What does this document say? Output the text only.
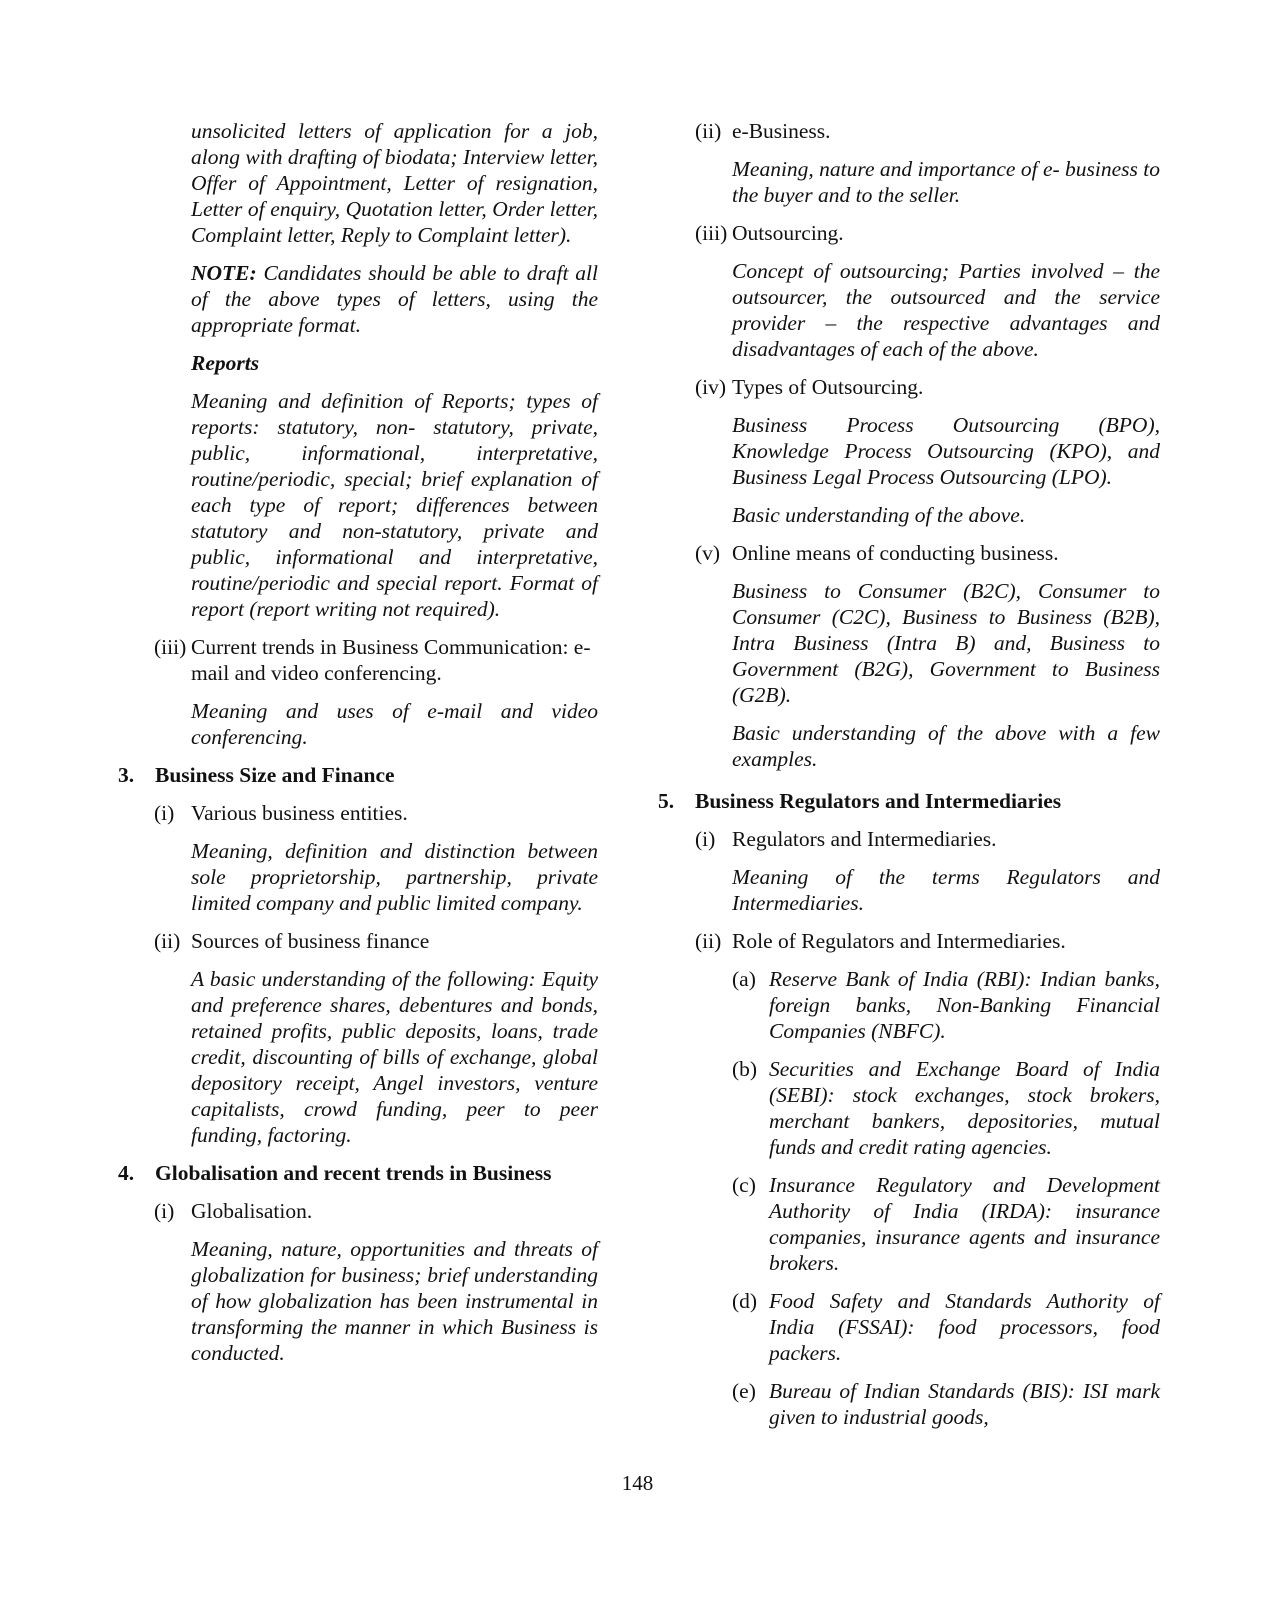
unsolicited letters of application for a job, along with drafting of biodata; Interview letter, Offer of Appointment, Letter of resignation, Letter of enquiry, Quotation letter, Order letter, Complaint letter, Reply to Complaint letter).

NOTE: Candidates should be able to draft all of the above types of letters, using the appropriate format.

Reports

Meaning and definition of Reports; types of reports: statutory, non- statutory, private, public, informational, interpretative, routine/periodic, special; brief explanation of each type of report; differences between statutory and non-statutory, private and public, informational and interpretative, routine/periodic and special report. Format of report (report writing not required).

(iii) Current trends in Business Communication: e-mail and video conferencing.

Meaning and uses of e-mail and video conferencing.

3. Business Size and Finance
(i) Various business entities.

Meaning, definition and distinction between sole proprietorship, partnership, private limited company and public limited company.

(ii) Sources of business finance

A basic understanding of the following: Equity and preference shares, debentures and bonds, retained profits, public deposits, loans, trade credit, discounting of bills of exchange, global depository receipt, Angel investors, venture capitalists, crowd funding, peer to peer funding, factoring.

4. Globalisation and recent trends in Business
(i) Globalisation.

Meaning, nature, opportunities and threats of globalization for business; brief understanding of how globalization has been instrumental in transforming the manner in which Business is conducted.

(ii) e-Business.

Meaning, nature and importance of e- business to the buyer and to the seller.

(iii) Outsourcing.

Concept of outsourcing; Parties involved – the outsourcer, the outsourced and the service provider – the respective advantages and disadvantages of each of the above.

(iv) Types of Outsourcing.

Business Process Outsourcing (BPO), Knowledge Process Outsourcing (KPO), and Business Legal Process Outsourcing (LPO).

Basic understanding of the above.

(v) Online means of conducting business.

Business to Consumer (B2C), Consumer to Consumer (C2C), Business to Business (B2B), Intra Business (Intra B) and, Business to Government (B2G), Government to Business (G2B).

Basic understanding of the above with a few examples.

5. Business Regulators and Intermediaries
(i) Regulators and Intermediaries.

Meaning of the terms Regulators and Intermediaries.

(ii) Role of Regulators and Intermediaries.
(a) Reserve Bank of India (RBI): Indian banks, foreign banks, Non-Banking Financial Companies (NBFC).
(b) Securities and Exchange Board of India (SEBI): stock exchanges, stock brokers, merchant bankers, depositories, mutual funds and credit rating agencies.
(c) Insurance Regulatory and Development Authority of India (IRDA): insurance companies, insurance agents and insurance brokers.
(d) Food Safety and Standards Authority of India (FSSAI): food processors, food packers.
(e) Bureau of Indian Standards (BIS): ISI mark given to industrial goods,
148
